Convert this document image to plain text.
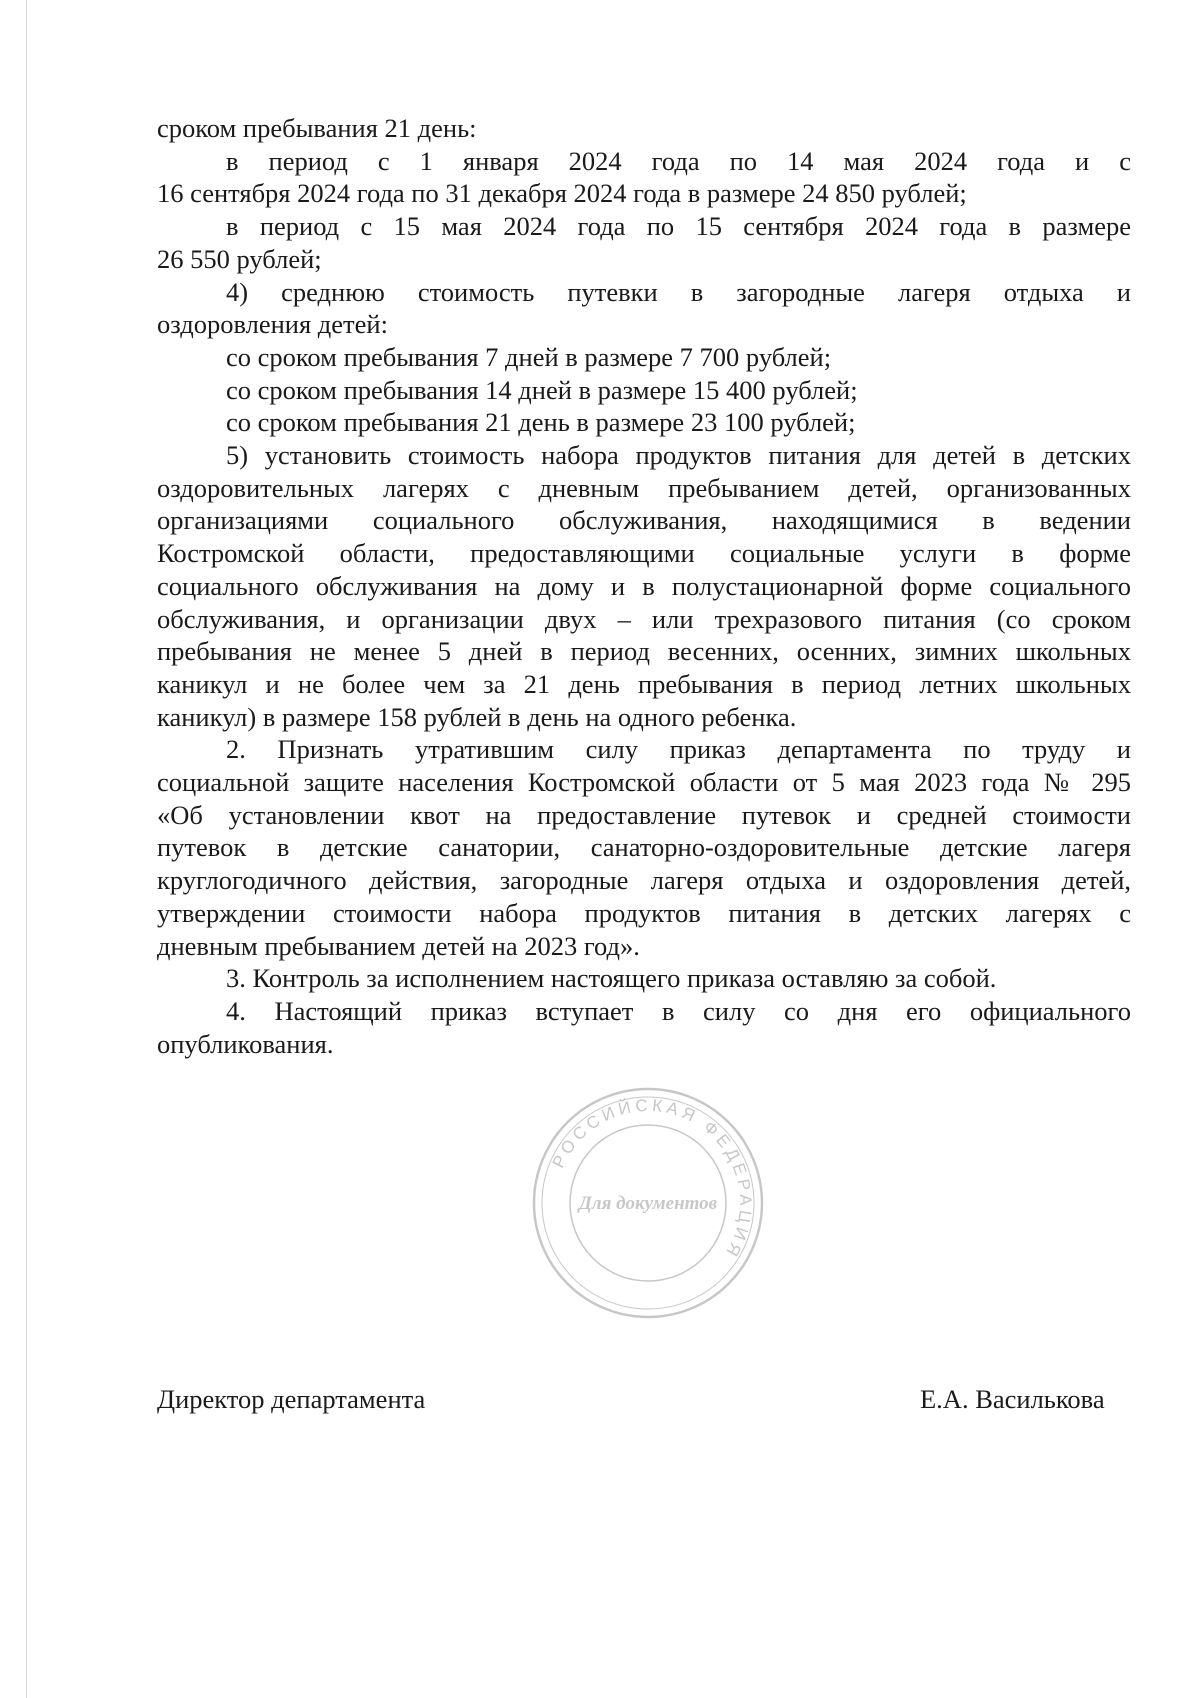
сроком пребывания 21 день:

в период с 1 января 2024 года по 14 мая 2024 года и с

16 сентября 2024 года по 31 декабря 2024 года в размере 24 850 рублей;

в период с 15 мая 2024 года по 15 сентября 2024 года в размере

26 550 рублей;

4) среднюю стоимость путевки в загородные лагеря отдыха и

оздоровления детей:

со сроком пребывания 7 дней в размере 7 700 рублей;

со сроком пребывания 14 дней в размере 15 400 рублей;

со сроком пребывания 21 день в размере 23 100 рублей;

5) установить стоимость набора продуктов питания для детей в детских

оздоровительных лагерях с дневным пребыванием детей, организованных

организациями социального обслуживания, находящимися в ведении

Костромской области, предоставляющими социальные услуги в форме

социального обслуживания на дому и в полустационарной форме социального

обслуживания, и организации двух – или трехразового питания (со сроком

пребывания не менее 5 дней в период весенних, осенних, зимних школьных

каникул и не более чем за 21 день пребывания в период летних школьных

каникул) в размере 158 рублей в день на одного ребенка.

2. Признать утратившим силу приказ департамента по труду и

социальной защите населения Костромской области от 5 мая 2023 года № 295

«Об установлении квот на предоставление путевок и средней стоимости

путевок в детские санатории, санаторно-оздоровительные детские лагеря

круглогодичного действия, загородные лагеря отдыха и оздоровления детей,

утверждении стоимости набора продуктов питания в детских лагерях с

дневным пребыванием детей на 2023 год».

3. Контроль за исполнением настоящего приказа оставляю за собой.

4. Настоящий приказ вступает в силу со дня его официального

опубликования.

Директор департамента	Е.А. Василькова
РОССИЙСКАЯ ФЕДЕРАЦИЯ
Для документов
